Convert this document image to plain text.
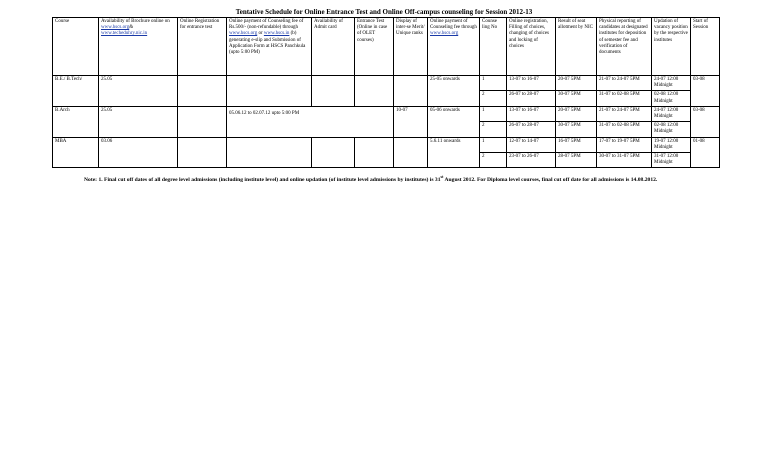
Tentative Schedule for Online Entrance Test and Online Off-campus counseling for Session 2012-13
Course	Availability of Brochure online on www.hscs.org& www.techeduhry.nic.in	Online Registration for entrance test	Online payment of Counseling fee of Rs.500/- (non-refundable) through www.hscs.org or www.hscs.in (b) generating e-slip and Submission of Application Form at HSCS Panchkula (upto 5:00 PM)	Availability of Admit card	Entrance Test (Online in case of OLET courses)	Display of inter-se Merit/ Unique ranks	Online payment of Counseling fee through www.hscs.org	Counse ling No	Online registration, Filling of choices, changing of choices and locking of choices	Result of seat allotment by NIC	Physical reporting of candidates at designated institutes for deposition of semester fee and verification of documents	Updation of vacancy position by the respective institutes	Start of Session
B.E./ B.Tech/	25.05						25-05 onwards	1	13-07 to 16-07	20-07 5PM	21-07 to 24-07 5PM	24-07 12:00 Midnight	03-08
								2	26-07 to 28-07	30-07 5PM	31-07 to 02-08 5PM	02-08 12:00 Midnight	
B.Arch	25.05		05.06.12 to 02.07.12 upto 5:00 PM			10-07	05-06 onwards	1	13-07 to 16-07	20-07 5PM	21-07 to 24-07 5PM	24-07 12:00 Midnight	03-08
								2	26-07 to 28-07	30-07 5PM	31-07 to 02-08 5PM	02-08 12:00 Midnight	
MBA	03.06						5.6.11 onwards	1	12-07 to 14-07	16-07 5PM	17-07 to 19-07 5PM	19-07 12:00 Midnight	01-08
								2	23-07 to 26-07	28-07 5PM	30-07 to 31-07 5PM	31-07 12:00 Midnight	
Note: 1. Final cut off dates of all degree level admissions (including institute level) and online updation (of institute level admissions by institutes) is 31st August 2012. For Diploma level courses, final cut off date for all admissions is 14.08.2012.
